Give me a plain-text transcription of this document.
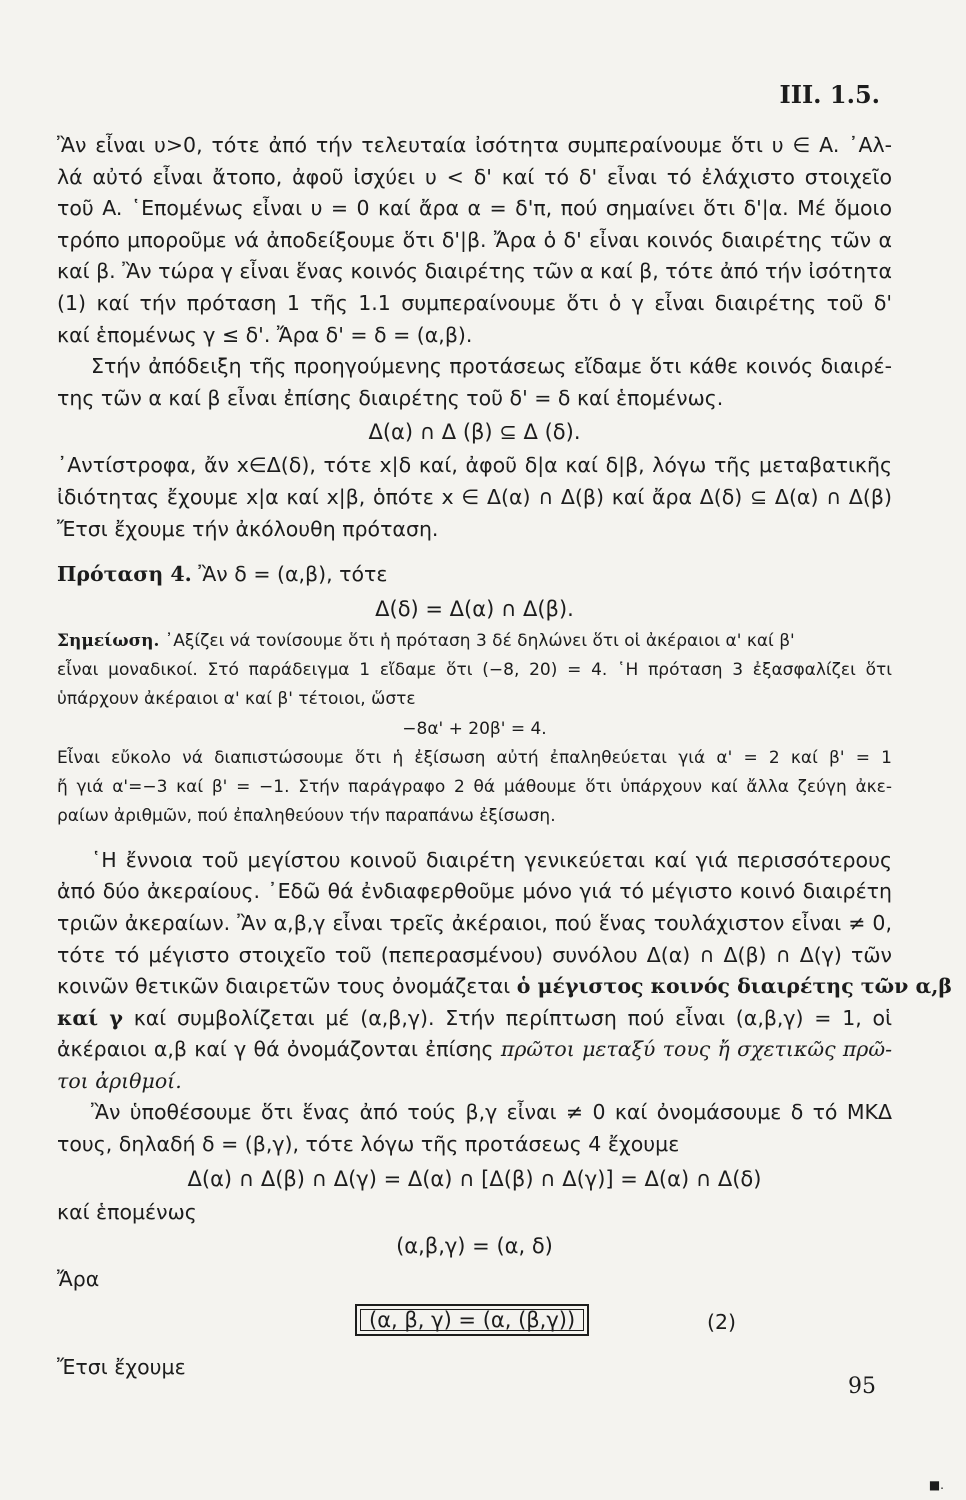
III. 1.5.
Ἂν εἶναι υ>0, τότε ἀπό τήν τελευταία ἰσότητα συμπεραίνουμε ὅτι υ ∈ A. ᾿Αλ-
λά αὐτό εἶναι ἄτοπο, ἀφοῦ ἰσχύει υ < δ' καί τό δ' εἶναι τό ἐλάχιστο στοιχεῖο
τοῦ A. ῾Επομένως εἶναι υ = 0 καί ἄρα α = δ'π, πού σημαίνει ὅτι δ'|α. Μέ ὅμοιο
τρόπο μποροῦμε νά ἀποδείξουμε ὅτι δ'|β. Ἄρα ὁ δ' εἶναι κοινός διαιρέτης τῶν α
καί β. Ἂν τώρα γ εἶναι ἕνας κοινός διαιρέτης τῶν α καί β, τότε ἀπό τήν ἰσότητα
(1) καί τήν πρόταση 1 τῆς 1.1 συμπεραίνουμε ὅτι ὁ γ εἶναι διαιρέτης τοῦ δ'
καί ἑπομένως γ ≤ δ'. Ἄρα δ' = δ = (α,β).
Στήν ἀπόδειξη τῆς προηγούμενης προτάσεως εἴδαμε ὅτι κάθε κοινός διαιρέ-
της τῶν α καί β εἶναι ἐπίσης διαιρέτης τοῦ δ' = δ καί ἑπομένως.
Δ(α) ∩ Δ (β) ⊆ Δ (δ).
᾿Αντίστροφα, ἄν x∈Δ(δ), τότε x|δ καί, ἀφοῦ δ|α καί δ|β, λόγω τῆς μεταβατικῆς
ἰδιότητας ἔχουμε x|α καί x|β, ὁπότε x ∈ Δ(α) ∩ Δ(β) καί ἄρα Δ(δ) ⊆ Δ(α) ∩ Δ(β)
Ἔτσι ἔχουμε τήν ἀκόλουθη πρόταση.
Πρόταση 4. Ἂν δ = (α,β), τότε
Δ(δ) = Δ(α) ∩ Δ(β).
Σημείωση. ᾿Αξίζει νά τονίσουμε ὅτι ἡ πρόταση 3 δέ δηλώνει ὅτι οἱ ἀκέραιοι α' καί β'
εἶναι μοναδικοί. Στό παράδειγμα 1 εἴδαμε ὅτι (−8, 20) = 4. ῾Η πρόταση 3 ἐξασφαλίζει ὅτι
ὑπάρχουν ἀκέραιοι α' καί β' τέτοιοι, ὥστε
−8α' + 20β' = 4.
Εἶναι εὔκολο νά διαπιστώσουμε ὅτι ἡ ἐξίσωση αὐτή ἐπαληθεύεται γιά α' = 2 καί β' = 1
ἤ γιά α'=−3 καί β' = −1. Στήν παράγραφο 2 θά μάθουμε ὅτι ὑπάρχουν καί ἄλλα ζεύγη ἀκε-
ραίων ἀριθμῶν, πού ἐπαληθεύουν τήν παραπάνω ἐξίσωση.
῾Η ἔννοια τοῦ μεγίστου κοινοῦ διαιρέτη γενικεύεται καί γιά περισσότερους
ἀπό δύο ἀκεραίους. ᾿Εδῶ θά ἐνδιαφερθοῦμε μόνο γιά τό μέγιστο κοινό διαιρέτη
τριῶν ἀκεραίων. Ἂν α,β,γ εἶναι τρεῖς ἀκέραιοι, πού ἕνας τουλάχιστον εἶναι ≠ 0,
τότε τό μέγιστο στοιχεῖο τοῦ (πεπερασμένου) συνόλου Δ(α) ∩ Δ(β) ∩ Δ(γ) τῶν
κοινῶν θετικῶν διαιρετῶν τους ὀνομάζεται ὁ μέγιστος κοινός διαιρέτης τῶν α,β
καί γ καί συμβολίζεται μέ (α,β,γ). Στήν περίπτωση πού εἶναι (α,β,γ) = 1, οἱ
ἀκέραιοι α,β καί γ θά ὀνομάζονται ἐπίσης πρῶτοι μεταξύ τους ἤ σχετικῶς πρῶ-
τοι ἀριθμοί.
Ἂν ὑποθέσουμε ὅτι ἕνας ἀπό τούς β,γ εἶναι ≠ 0 καί ὀνομάσουμε δ τό ΜΚΔ
τους, δηλαδή δ = (β,γ), τότε λόγω τῆς προτάσεως 4 ἔχουμε
Δ(α) ∩ Δ(β) ∩ Δ(γ) = Δ(α) ∩ [Δ(β) ∩ Δ(γ)] = Δ(α) ∩ Δ(δ)
καί ἑπομένως
(α,β,γ) = (α, δ)
Ἄρα
(α, β, γ) = (α, (β,γ))	(2)
Ἔτσι ἔχουμε
95
■.
